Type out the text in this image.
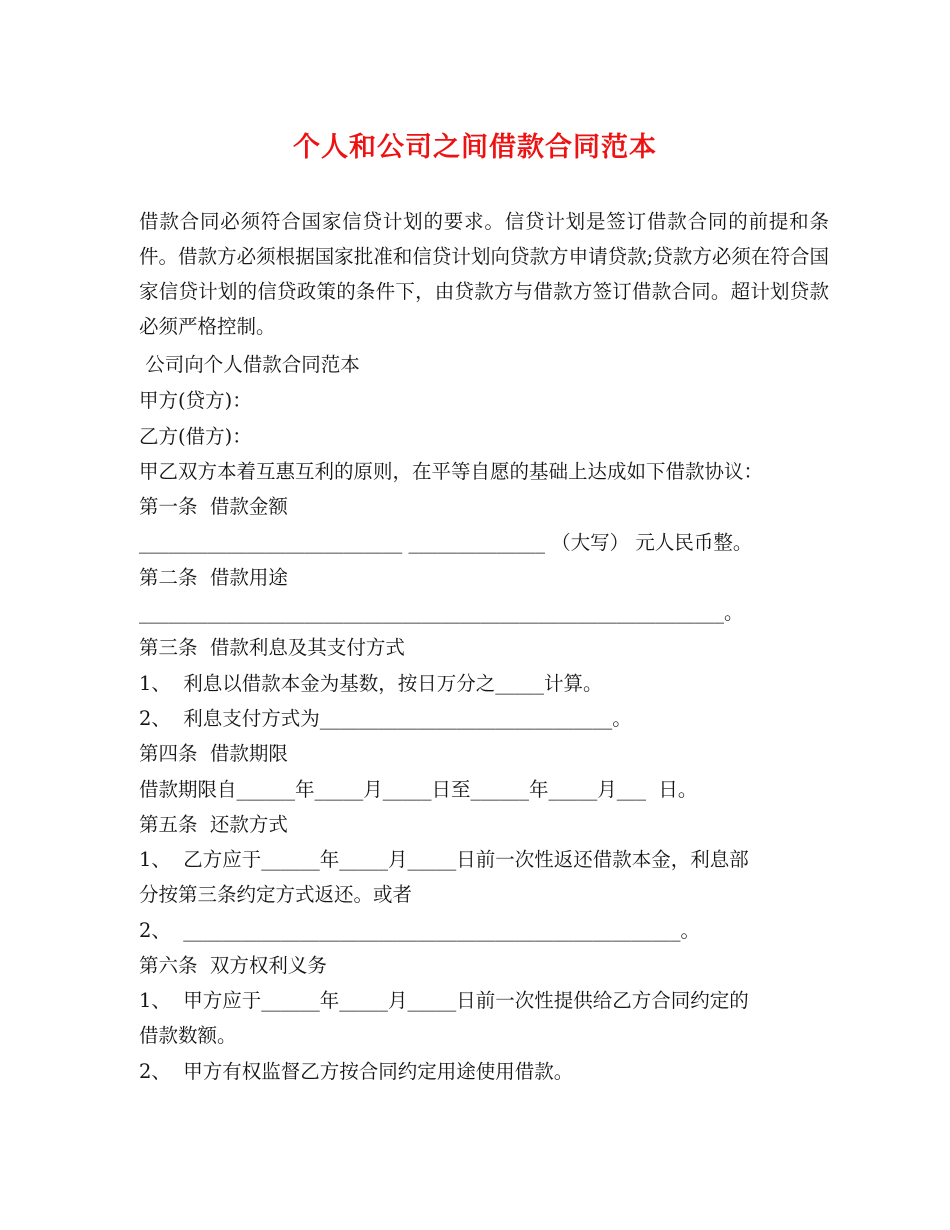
个人和公司之间借款合同范本
借款合同必须符合国家信贷计划的要求。信贷计划是签订借款合同的前提和条件。借款方必须根据国家批准和信贷计划向贷款方申请贷款;贷款方必须在符合国家信贷计划的信贷政策的条件下，由贷款方与借款方签订借款合同。超计划贷款必须严格控制。
公司向个人借款合同范本
甲方(贷方)：
乙方(借方)：
甲乙双方本着互惠互利的原则，在平等自愿的基础上达成如下借款协议：
第一条  借款金额
___________________________ ______________ （大写） 元人民币整。
第二条  借款用途
____________________________________________________________。
第三条  借款利息及其支付方式
1、  利息以借款本金为基数，按日万分之_____计算。
2、  利息支付方式为______________________________。
第四条  借款期限
借款期限自______年_____月_____日至______年_____月___  日。
第五条  还款方式
1、  乙方应于______年_____月_____日前一次性返还借款本金，利息部
分按第三条约定方式返还。或者
2、  ___________________________________________________。
第六条  双方权利义务
1、  甲方应于______年_____月_____日前一次性提供给乙方合同约定的
借款数额。
2、  甲方有权监督乙方按合同约定用途使用借款。
